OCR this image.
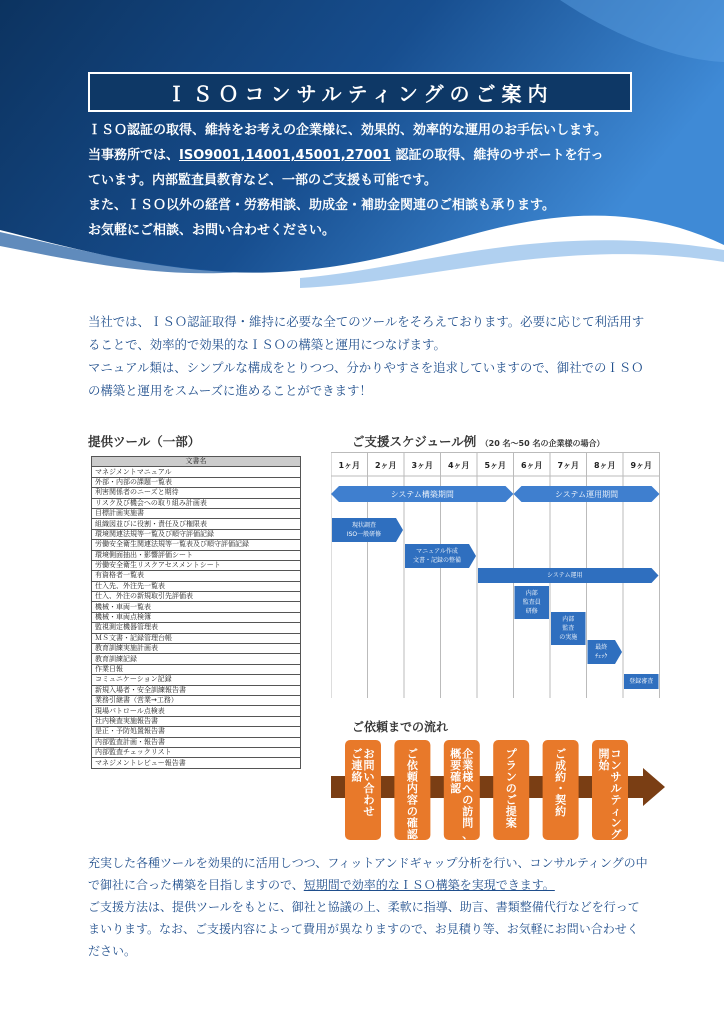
ＩＳＯコンサルティングのご案内
ＩＳＯ認証の取得、維持をお考えの企業様に、効果的、効率的な運用のお手伝いします。
当事務所では、ISO9001,14001,45001,27001 認証の取得、維持のサポートを行っ
ています。内部監査員教育など、一部のご支援も可能です。
また、ＩＳＯ以外の経営・労務相談、助成金・補助金関連のご相談も承ります。
お気軽にご相談、お問い合わせください。
当社では、ＩＳＯ認証取得・維持に必要な全てのツールをそろえております。必要に応じて利活用することで、効率的で効果的なＩＳＯの構築と運用につなげます。
マニュアル類は、シンプルな構成をとりつつ、分かりやすさを追求していますので、御社でのＩＳＯの構築と運用をスムーズに進めることができます！
提供ツール（一部）	ご支援スケジュール例 （20 名～50 名の企業様の場合）
文書名
マネジメントマニュアル
外部・内部の課題一覧表
利害関係者のニーズと期待
リスク及び機会への取り組み計画表
目標計画実施書
組織図並びに役割・責任及び権限表
環境関連法規等一覧及び順守評価記録
労働安全衛生関連法規等一覧表及び順守評価記録
環境側面抽出・影響評価シート
労働安全衛生リスクアセスメントシート
有資格者一覧表
仕入先、外注先一覧表
仕入、外注の新規取引先評価表
機械・車両一覧表
機械・車両点検簿
監視測定機器管理表
ＭＳ文書・記録管理台帳
教育訓練実施計画表
教育訓練記録
作業日報
コミュニケーション記録
新規入場者・安全訓練報告書
業務引継書（営業→工務）
現場パトロール点検表
社内検査実施報告書
是正・予防処置報告書
内部監査計画・報告書
内部監査チェックリスト
マネジメントレビュー報告書
1ヶ月 2ヶ月 3ヶ月 4ヶ月 5ヶ月 6ヶ月 7ヶ月 8ヶ月 9ヶ月
システム構築期間	システム運用期間
現状調査
ISO一般研修
マニュアル作成
文書・記録の整備
システム運用
内部
監査員
研修
内部
監査
の実施
最終
ﾁｪｯｸ
登録審査
ご依頼までの流れ
お問い合わせ
ご連絡
ご依頼内容の確認
企業様への訪問、
概要確認
プランのご提案
ご成約・契約
コンサルティング
開始
充実した各種ツールを効果的に活用しつつ、フィットアンドギャップ分析を行い、コンサルティングの中で御社に合った構築を目指しますので、短期間で効率的なＩＳＯ構築を実現できます。
ご支援方法は、提供ツールをもとに、御社と協議の上、柔軟に指導、助言、書類整備代行などを行ってまいります。なお、ご支援内容によって費用が異なりますので、お見積り等、お気軽にお問い合わせください。
